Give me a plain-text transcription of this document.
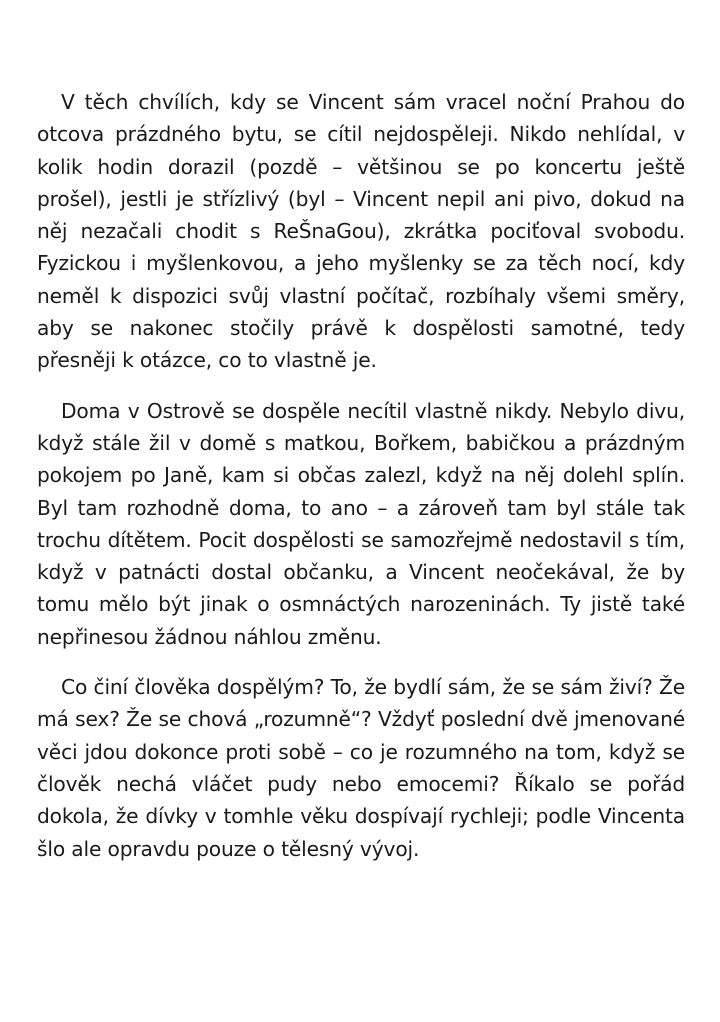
V těch chvílích, kdy se Vincent sám vracel noční Prahou do otcova prázdného bytu, se cítil nejdospěleji. Nikdo nehlídal, v kolik hodin dorazil (pozdě – většinou se po koncertu ještě prošel), jestli je střízlivý (byl – Vincent nepil ani pivo, dokud na něj nezačali chodit s ReŠnaGou), zkrátka pociťoval svobodu. Fyzickou i myšlenkovou, a jeho myšlenky se za těch nocí, kdy neměl k dispozici svůj vlastní počítač, rozbíhaly všemi směry, aby se nakonec stočily právě k dospělosti samotné, tedy přesněji k otázce, co to vlastně je.

Doma v Ostrově se dospěle necítil vlastně nikdy. Nebylo divu, když stále žil v domě s matkou, Bořkem, babičkou a prázdným pokojem po Janě, kam si občas zalezl, když na něj dolehl splín. Byl tam rozhodně doma, to ano – a zároveň tam byl stále tak trochu dítětem. Pocit dospělosti se samozřejmě nedostavil s tím, když v patnácti dostal občanku, a Vincent neočekával, že by tomu mělo být jinak o osmnáctých narozeninách. Ty jistě také nepřinesou žádnou náhlou změnu.

Co činí člověka dospělým? To, že bydlí sám, že se sám živí? Že má sex? Že se chová „rozumně“? Vždyť poslední dvě jmenované věci jdou dokonce proti sobě – co je rozumného na tom, když se člověk nechá vláčet pudy nebo emocemi? Říkalo se pořád dokola, že dívky v tomhle věku dospívají rychleji; podle Vincenta šlo ale opravdu pouze o tělesný vývoj.
